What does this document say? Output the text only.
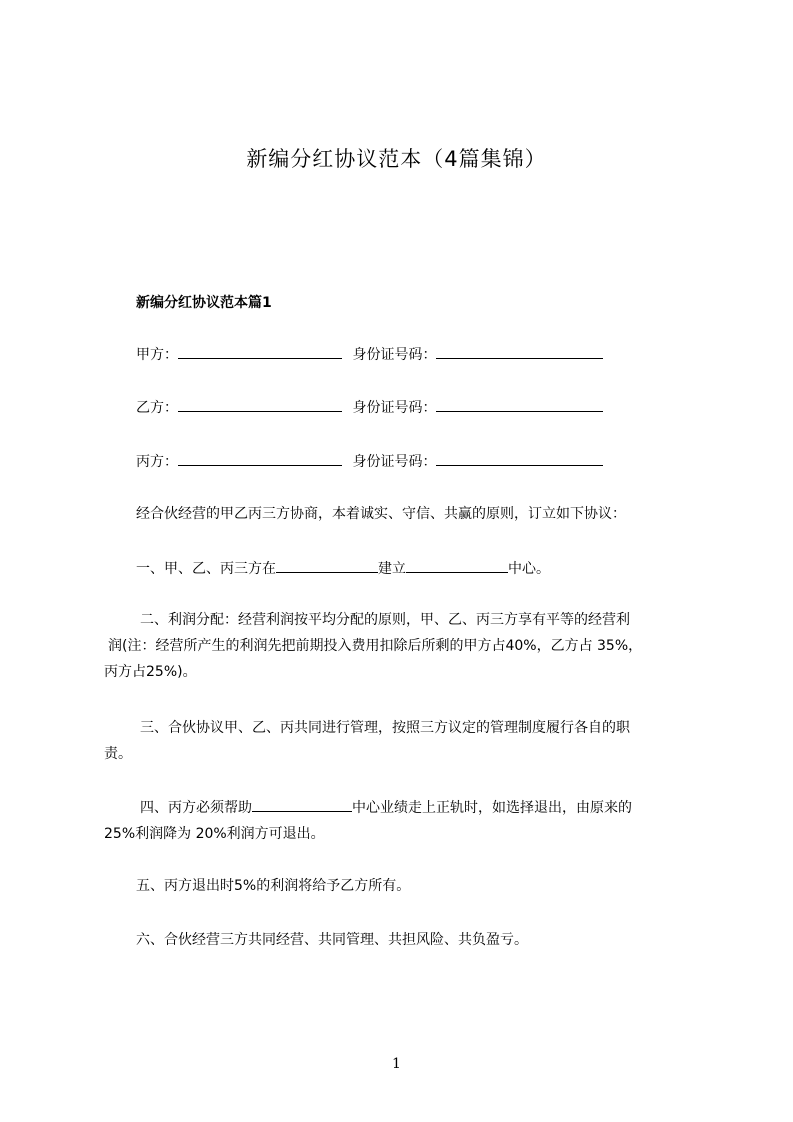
新编分红协议范本（4篇集锦）
新编分红协议范本篇1
甲方：	身份证号码：
乙方：	身份证号码：
丙方：	身份证号码：
经合伙经营的甲乙丙三方协商，本着诚实、守信、共赢的原则，订立如下协议：
一、甲、乙、丙三方在	建立	中心。
二、利润分配：经营利润按平均分配的原则，甲、乙、丙三方享有平等的经营利
润(注：经营所产生的利润先把前期投入费用扣除后所剩的甲方占40%，乙方占 35%，
丙方占25%)。
三、合伙协议甲、乙、丙共同进行管理，按照三方议定的管理制度履行各自的职
责。
四、丙方必须帮助	中心业绩走上正轨时，如选择退出，由原来的
25%利润降为 20%利润方可退出。
五、丙方退出时5%的利润将给予乙方所有。
六、合伙经营三方共同经营、共同管理、共担风险、共负盈亏。
1
